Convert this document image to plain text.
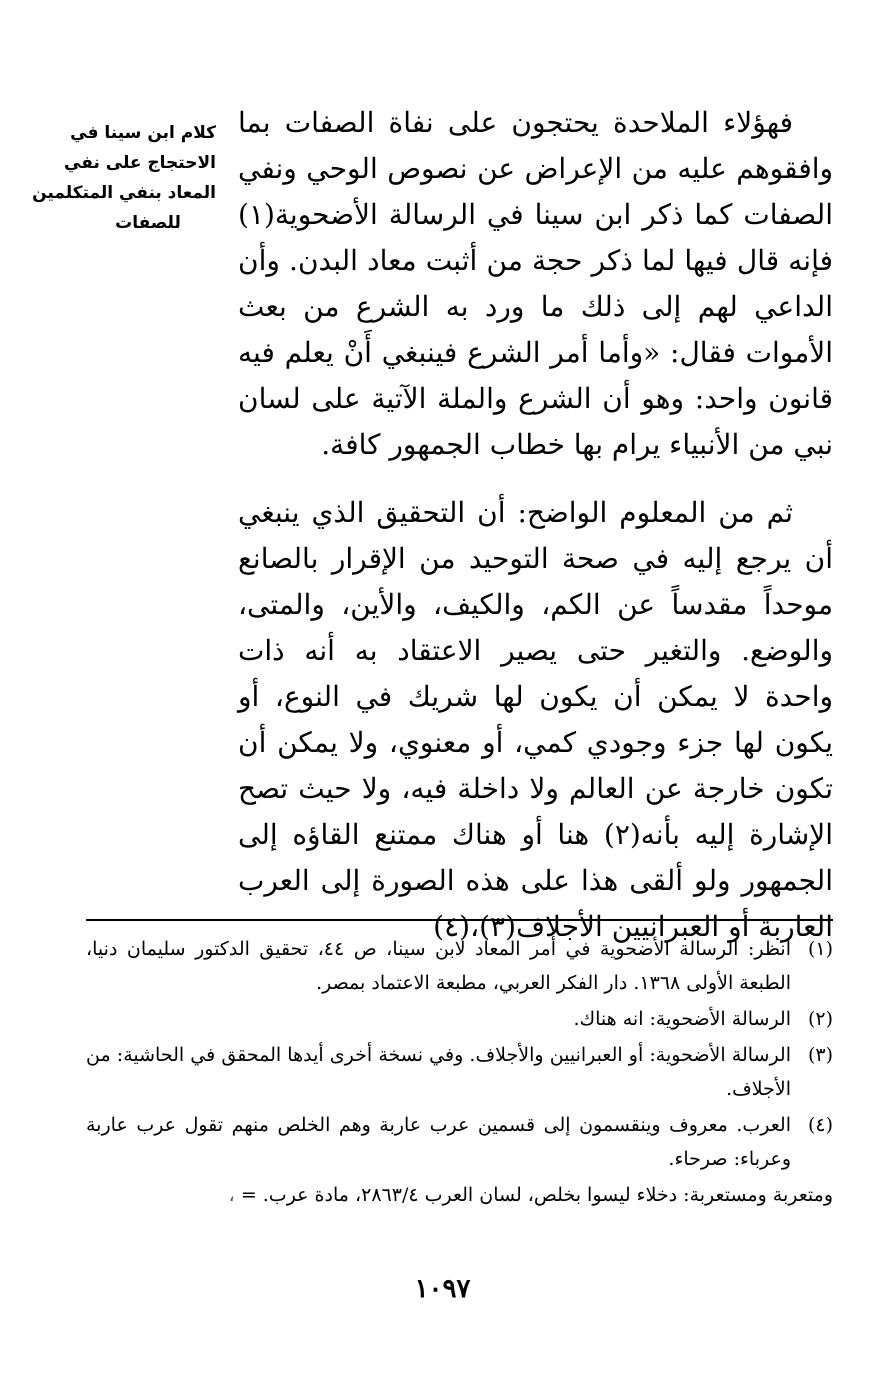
فهؤلاء الملاحدة يحتجون على نفاة الصفات بما وافقوهم عليه من الإعراض عن نصوص الوحي ونفي الصفات كما ذكر ابن سينا في الرسالة الأضحوية(١) فإنه قال فيها لما ذكر حجة من أثبت معاد البدن. وأن الداعي لهم إلى ذلك ما ورد به الشرع من بعث الأموات فقال: «وأما أمر الشرع فينبغي أَنْ يعلم فيه قانون واحد: وهو أن الشرع والملة الآتية على لسان نبي من الأنبياء يرام بها خطاب الجمهور كافة.

ثم من المعلوم الواضح: أن التحقيق الذي ينبغي أن يرجع إليه في صحة التوحيد من الإقرار بالصانع موحداً مقدساً عن الكم، والكيف، والأين، والمتى، والوضع. والتغير حتى يصير الاعتقاد به أنه ذات واحدة لا يمكن أن يكون لها شريك في النوع، أو يكون لها جزء وجودي كمي، أو معنوي، ولا يمكن أن تكون خارجة عن العالم ولا داخلة فيه، ولا حيث تصح الإشارة إليه بأنه(٢) هنا أو هناك ممتنع القاؤه إلى الجمهور ولو ألقى هذا على هذه الصورة إلى العرب العاربة أو العبرانيين الأجلاف(٣)،(٤)

كلام ابن سينا في
الاحتجاج على نفي
المعاد بنفي المتكلمين
للصفات
(١)
انظر: الرسالة الأضحوية في أمر المعاد لابن سينا، ص ٤٤، تحقيق الدكتور سليمان دنيا، الطبعة الأولى ١٣٦٨. دار الفكر العربي، مطبعة الاعتماد بمصر.
(٢)
الرسالة الأضحوية: انه هناك.
(٣)
الرسالة الأضحوية: أو العبرانيين والأجلاف. وفي نسخة أخرى أيدها المحقق في الحاشية: من الأجلاف.
(٤)
العرب. معروف وينقسمون إلى قسمين عرب عاربة وهم الخلص منهم تقول عرب عاربة وعرباء: صرحاء.
ومتعربة ومستعربة: دخلاء ليسوا بخلص، لسان العرب ٢٨٦٣/٤، مادة عرب. = ،
١٠٩٧
